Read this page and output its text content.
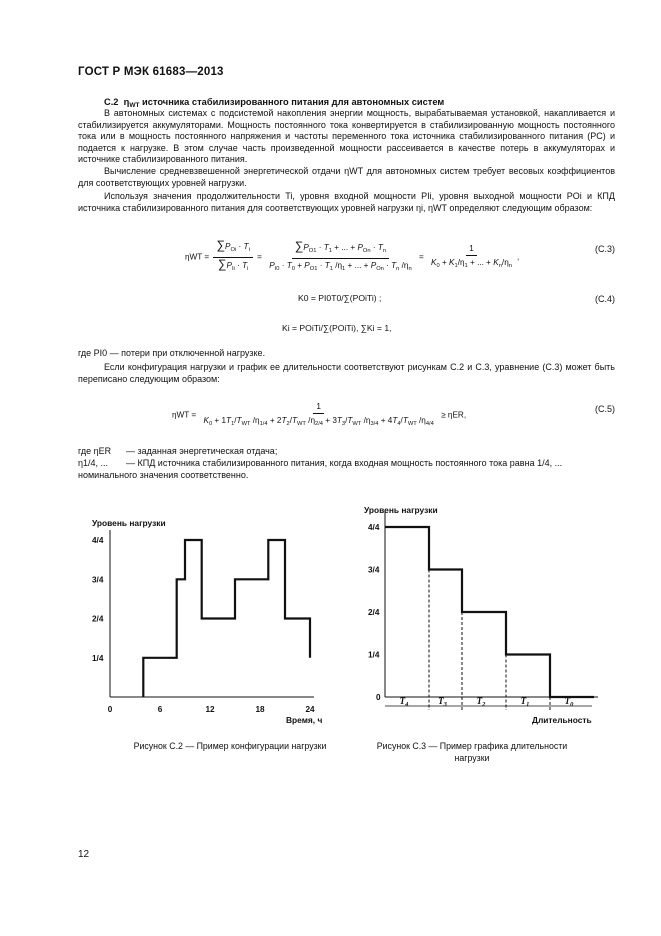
ГОСТ Р МЭК 61683—2013
С.2 $\eta_{WT}$ источника стабилизированного питания для автономных систем
В автономных системах с подсистемой накопления энергии мощность, вырабатываемая установкой, накапливается и стабилизируется аккумуляторами. Мощность постоянного тока конвертируется в стабилизированную мощность постоянного тока или в мощность постоянного напряжения и частоты переменного тока источника стабилизированного питания (PC) и подается к нагрузке. В этом случае часть произведенной мощности рассеивается в качестве потерь в аккумуляторах и источнике стабилизированного питания.
Вычисление средневзвешенной энергетической отдачи ηWT для автономных систем требует весовых коэффициентов для соответствующих уровней нагрузки.
Используя значения продолжительности Ti, уровня входной мощности PIi, уровня выходной мощности POi и КПД источника стабилизированного питания для соответствующих уровней нагрузки ηi, ηWT определяют следующим образом:
$\eta WT = \frac{\sum P_{Oi} \cdot T_i}{\sum P_{Ii} \cdot T_i} = \frac{\sum P_{O1} \cdot T_1 + ... + P_{On} \cdot T_n}{P_{I0} \cdot T_0 + P_{O1} \cdot T_1 /\eta_1 + ... + P_{On} \cdot T_n /\eta_n} = \frac{1}{K_0 + K_1/\eta_1 + ... + K_n/\eta_n}$ ,
(С.3)
K0 = PI0T0/∑(POiTi) ;	(С.4)
Ki = POiTi/∑(POiTi), ∑Ki = 1,
где PI0 — потери при отключенной нагрузке.
Если конфигурация нагрузки и график ее длительности соответствуют рисункам С.2 и С.3, уравнение (С.3) может быть переписано следующим образом:
ηWT =
1
$K_0 + 1T_1/T_{WT}$ $/\eta_{1/4} + 2T_2/T_{WT}$ $/\eta_{2/4} + 3T_3/T_{WT}$ $/\eta_{3/4} + 4T_4/T_{WT}$ $/\eta_{4/4}$
≥ ηER,
(С.5)
где ηER — заданная энергетическая отдача;
η1/4, ... — КПД источника стабилизированного питания, когда входная мощность постоянного тока равна 1/4, ... номинального значения соответственно.
Уровень нагрузки
Время, ч
1/4
2/4
3/4
4/4
0	6	12	18	24
Уровень нагрузки
Длительность
0
1/4
2/4
3/4
4/4
$T_4$	$T_3$	$T_2$	$T_1$	$T_0$
Рисунок С.2 — Пример конфигурации нагрузки	Рисунок С.3 — Пример графика длительности нагрузки
12
